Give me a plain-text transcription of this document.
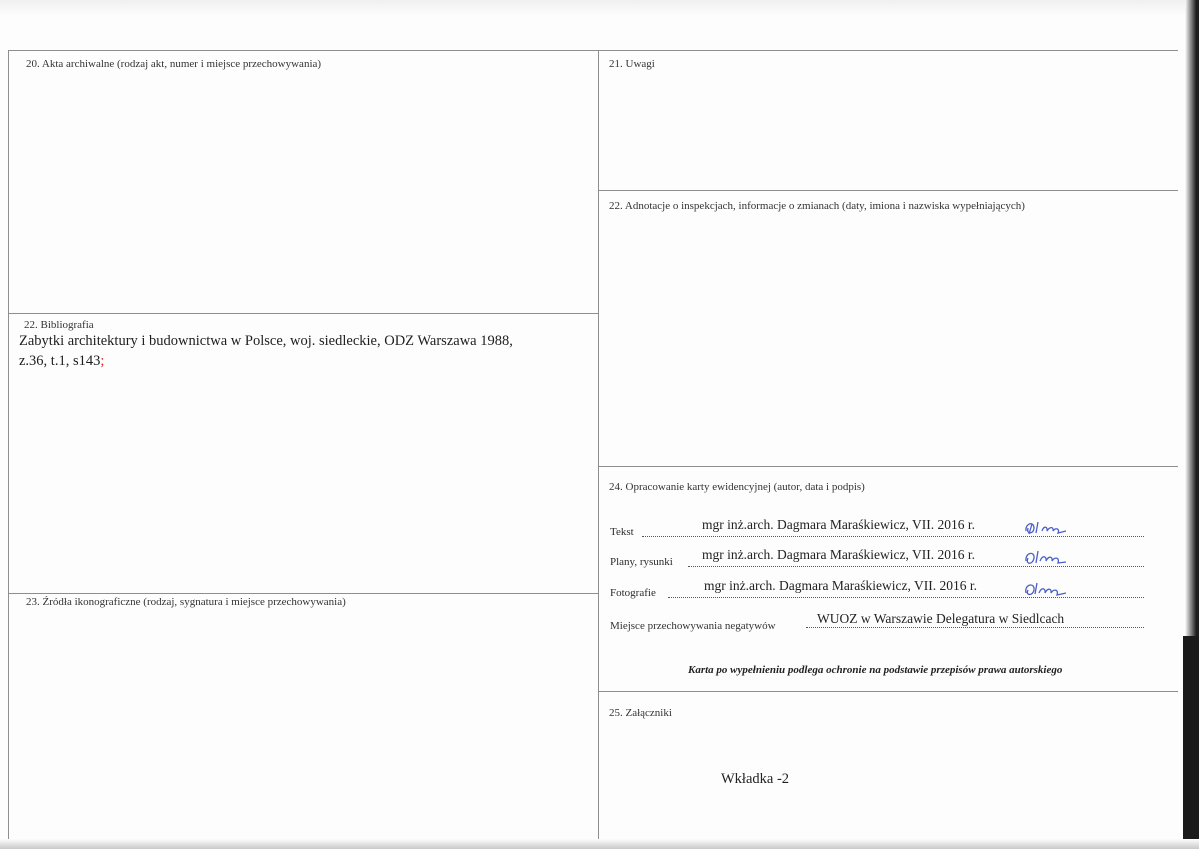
20. Akta archiwalne (rodzaj akt, numer i miejsce przechowywania)
22. Bibliografia
Zabytki architektury i budownictwa w Polsce, woj. siedleckie, ODZ Warszawa 1988,
z.36, t.1, s143;
23. Źródła ikonograficzne (rodzaj, sygnatura i miejsce przechowywania)
21. Uwagi
22. Adnotacje o inspekcjach, informacje o zmianach (daty, imiona i nazwiska wypełniających)
24. Opracowanie karty ewidencyjnej (autor, data i podpis)
Tekst	mgr inż.arch. Dagmara Maraśkiewicz, VII. 2016 r.
Plany, rysunki mgr inż.arch. Dagmara Maraśkiewicz, VII. 2016 r.
Fotografie	mgr inż.arch. Dagmara Maraśkiewicz, VII. 2016 r.
Miejsce przechowywania negatywów	WUOZ w Warszawie Delegatura w Siedlcach
Karta po wypełnieniu podlega ochronie na podstawie przepisów prawa autorskiego
25. Załączniki
Wkładka -2
